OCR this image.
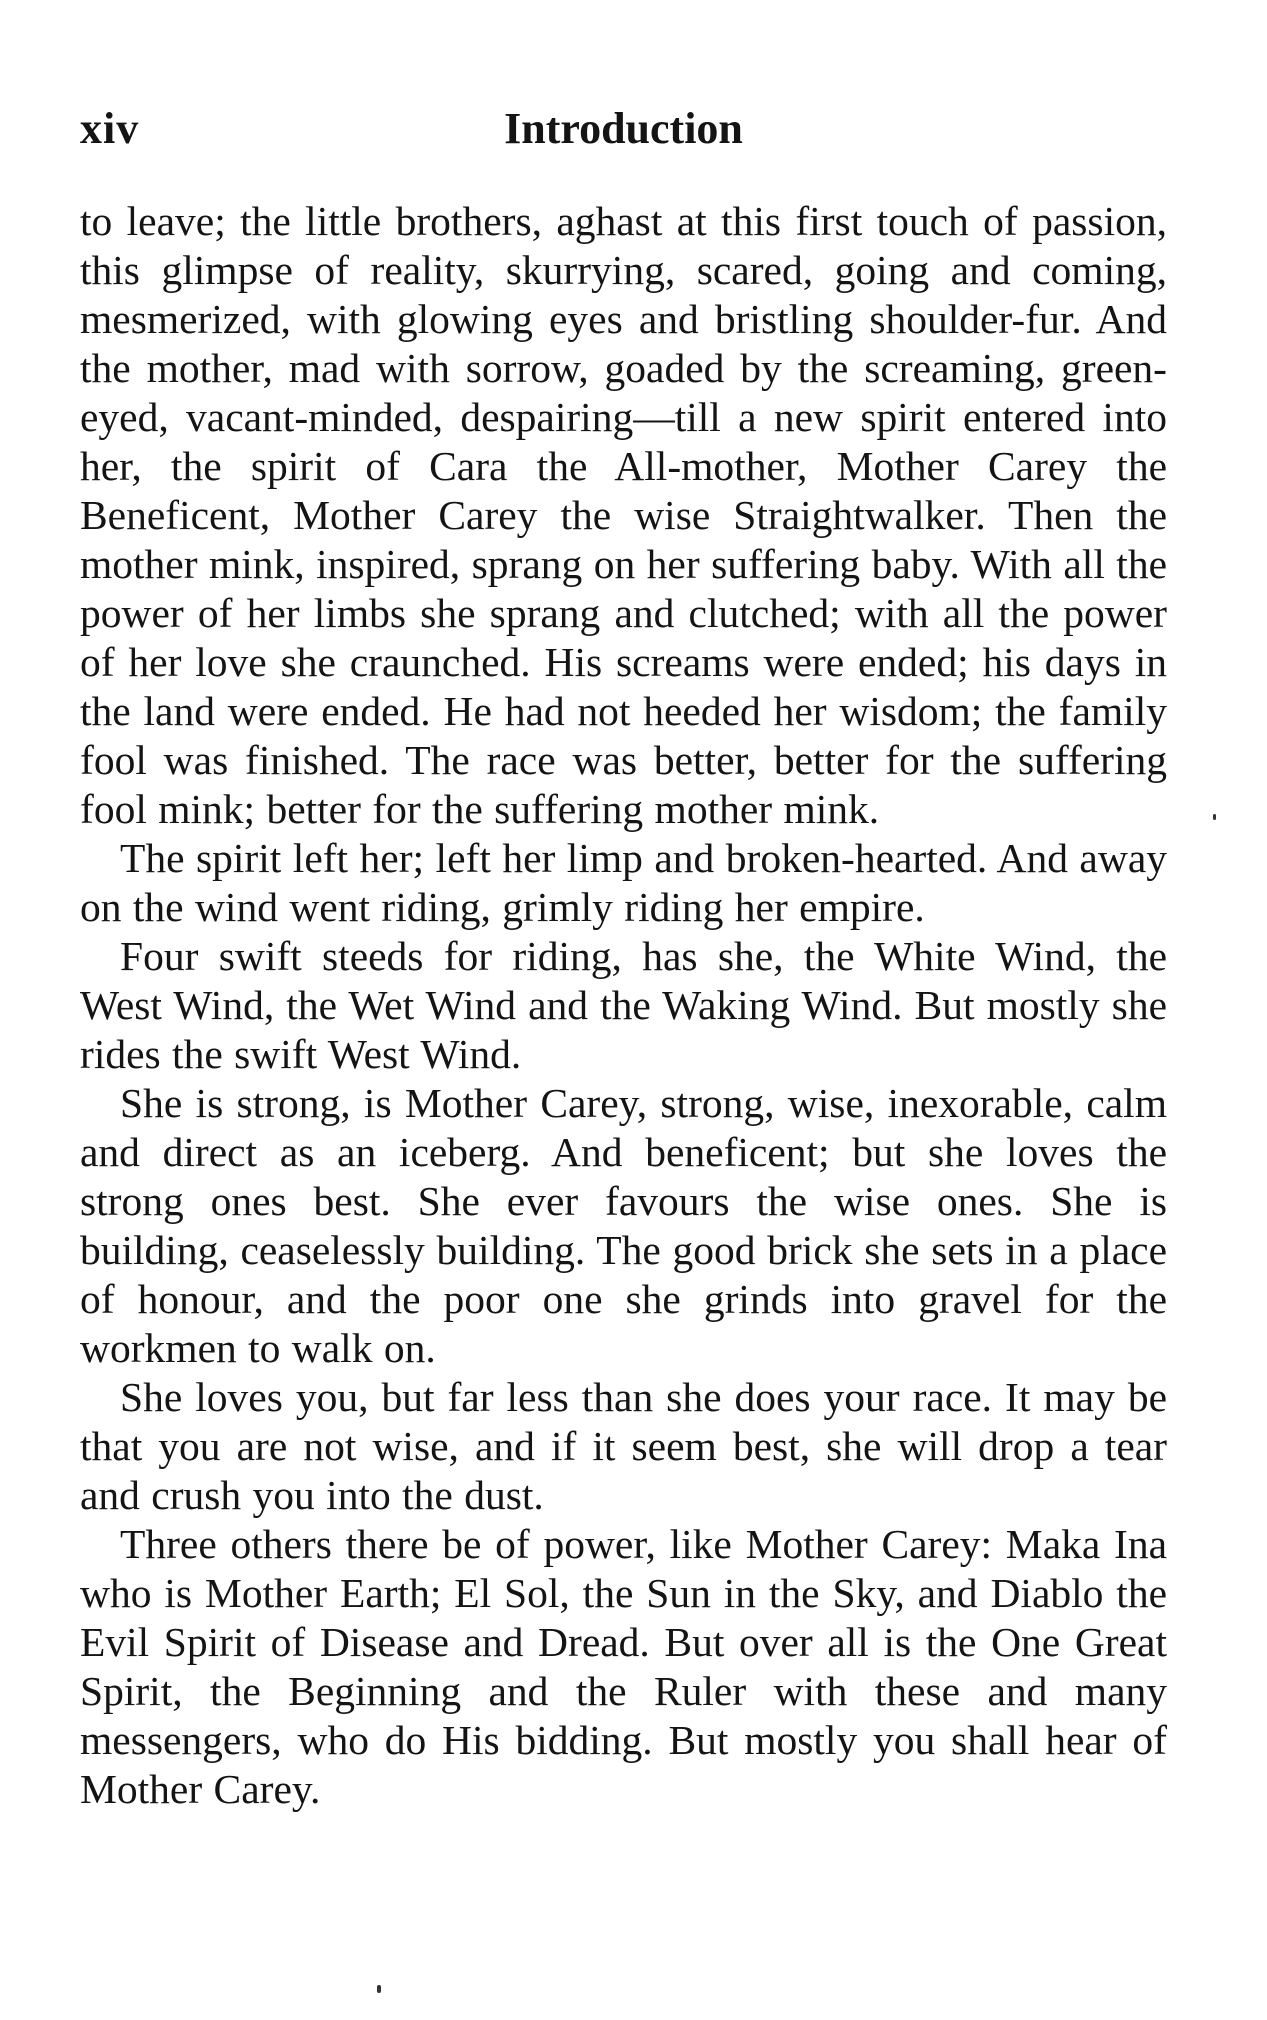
xiv	Introduction

to leave; the little brothers, aghast at this first touch of passion, this glimpse of reality, skurrying, scared, going and coming, mesmerized, with glowing eyes and bristling shoulder-fur. And the mother, mad with sorrow, goaded by the screaming, green-eyed, vacant-minded, despairing—till a new spirit entered into her, the spirit of Cara the All-mother, Mother Carey the Beneficent, Mother Carey the wise Straightwalker. Then the mother mink, inspired, sprang on her suffering baby. With all the power of her limbs she sprang and clutched; with all the power of her love she craunched. His screams were ended; his days in the land were ended. He had not heeded her wisdom; the family fool was finished. The race was better, better for the suffering fool mink; better for the suffering mother mink.

The spirit left her; left her limp and broken-hearted. And away on the wind went riding, grimly riding her empire.

Four swift steeds for riding, has she, the White Wind, the West Wind, the Wet Wind and the Waking Wind. But mostly she rides the swift West Wind.

She is strong, is Mother Carey, strong, wise, inexorable, calm and direct as an iceberg. And beneficent; but she loves the strong ones best. She ever favours the wise ones. She is building, ceaselessly building. The good brick she sets in a place of honour, and the poor one she grinds into gravel for the workmen to walk on.

She loves you, but far less than she does your race. It may be that you are not wise, and if it seem best, she will drop a tear and crush you into the dust.

Three others there be of power, like Mother Carey: Maka Ina who is Mother Earth; El Sol, the Sun in the Sky, and Diablo the Evil Spirit of Disease and Dread. But over all is the One Great Spirit, the Beginning and the Ruler with these and many messengers, who do His bidding. But mostly you shall hear of Mother Carey.
